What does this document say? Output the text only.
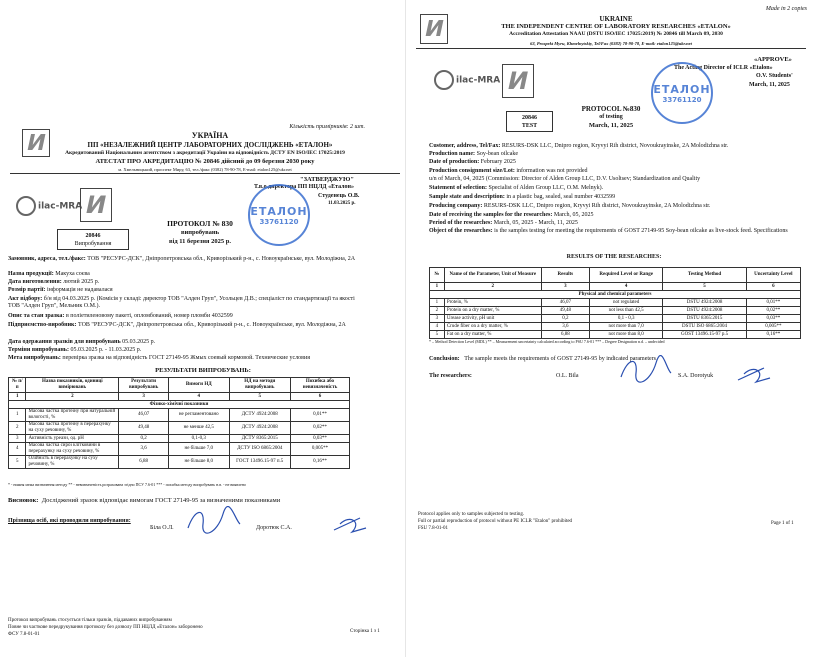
Кількість примірників: 2 шт.
И	УКРАЇНА
ПП «НЕЗАЛЕЖНИЙ ЦЕНТР ЛАБОРАТОРНИХ ДОСЛІДЖЕНЬ «ЕТАЛОН»
Акредитований Національним агентством з акредитації України на відповідність ДСТУ EN ISO/IEC 17025:2019
АТЕСТАТ ПРО АКРЕДИТАЦІЮ № 20846 дійсний до 09 березня 2030 року
м. Хмельницький, проспект Миру, 63, тел./факс (0382) 78-90-78, E-mail: etalon125@ukr.net
"ЗАТВЕРДЖУЮ"
Т.в.о.директора ПП НЦЛД «Еталон»
Студенець О.В.
11.03.2025 р.
ЕТАЛОН
33761120
ilac-MRA И
20846
Випробування
ПРОТОКОЛ № 830
випробувань
від 11 березня 2025 р.
Замовник, адреса, тел./факс: ТОВ "РЕСУРС-ДСК", Дніпропетровська обл., Криворізький р-н., с. Новоукраїнське, вул. Молодіжна, 2А
Назва продукції: Макуха соєва
Дата виготовлення: лютий 2025 р.
Розмір партії: інформація не надавалася
Акт відбору: б/н від 04.03.2025 р. (Комісія у складі: директор ТОВ "Алден Груп", Усольцев Д.В.; спеціаліст по стандартизації та якості ТОВ "Алден Груп", Мельник О.М.).
Опис та стан зразка: в поліетиленовому пакеті, опломбований, номер пломби 4032599
Підприємство-виробник: ТОВ "РЕСУРС-ДСК", Дніпропетровська обл., Криворізький р-н., с. Новоукраїнське, вул. Молодіжна, 2А
Дата одержання зразків для випробувань 05.03.2025 р.
Терміни випробувань: 05.03.2025 р. - 11.03.2025 р.
Мета випробувань: перевірка зразка на відповідність ГОСТ 27149-95 Жмых соевый кормовой. Технические условия
РЕЗУЛЬТАТИ ВИПРОБУВАНЬ:
№ п/п	Назва показників, одиниці вимірювань	Результати випробувань	Вимоги НД	НД на методи випробувань	Похибка або невизначеність
1	2	3	4	5	6
Фізико-хімічні показники					
1	Масова частка протеїну при натуральній вологості, %	46,07	не регламентовано	ДСТУ 4924:2008	0,01**
2	Масова частка протеїну в перерахунку на суху речовину, %	49,48	не менше 42,5	ДСТУ 4924:2008	0,02**
3	Активність уреази, од. рН	0,2	0,1-0,3	ДСТУ 8365:2015	0,03**
4	Масова частка сирої клітковини в перерахунку на суху речовину, %	3,6	не більше 7,0	ДСТУ ISO 6865:2004	0,005**
5	Олійність в перерахунку на суху речовину, %	6,88	не більше 8,0	ГОСТ 13496.15-97 п.5	0,16**
* - нижня межа визначення методу ** - невизначеність розрахована згідно ПСУ 7.6-01 *** - похибка методу випробувань н.в. - не виявлено
Висновок: Досліджений зразок відповідає вимогам ГОСТ 27149-95 за визначеними показниками
Прізвища осіб, які проводили випробування:
Біла О.Л.	Доротюк С.А.
Протокол випробувань стосується тільки зразків, піддаваних випробуванням
Повне чи часткове передрукування протоколу без дозволу ПП НЦЛД «Еталон» заборонено
ФСУ 7.8-01-01
Сторінка 1 з 1
Made in 2 copies
И	UKRAINE
THE INDEPENDENT CENTRE OF LABORATORY RESEARCHES «ETALON»
Accreditation Attestation NAAU (DSTU ISO/IEC 17025:2019) № 20846 till March 09, 2030
63, Prospekt Myru, Khmelnytskiy, Tel/Fax (0382) 78-90-78, E-mail: etalon125@ukr.net
«APPROVE»
The Acting Director of ICLR «Etalon»
O.V. Students'
March, 11, 2025
ЕТАЛОН
33761120
ilac-MRA И
20846
TEST
PROTOCOL №830
of testing
March, 11, 2025
Customer, address, Tel/Fax: RESURS-DSK LLC, Dnipro region, Kryvyi Rih district, Novoukrayinske, 2A Molodizhna str.
Production name: Soy-bean oilcake
Date of production: February 2025
Production consignment size/Lot: information was not provided
u/n of March, 04, 2025 (Commission: Director of Alden Group LLC, D.V. Usoltsev; Standardization and Quality
Statement of selection: Specialist of Alden Group LLC, O.M. Melnyk).
Sample state and description: in a plastic bag, sealed, seal number 4032599
Producing company: RESURS-DSK LLC, Dnipro region, Kryvyi Rih district, Novoukrayinske, 2A Molodizhna str.
Date of receiving the samples for the researches: March, 05, 2025
Period of the researches: March, 05, 2025 - March, 11, 2025
Object of the researches: is the samples testing for meeting the requirements of GOST 27149-95 Soy-bean oilcake as live-stock feed. Specifications
RESULTS OF THE RESEARCHES:
№	Name of the Parameter, Unit of Measure	Results	Required Level or Range	Testing Method	Uncertainty Level
1	2	3	4	5	6
Physical and chemical parameters					
1	Protein, %	46,07	not regulated	DSTU 4924:2008	0,01**
2	Protein on a dry matter, %	49,48	not less than 42,5	DSTU 4924:2008	0,02**
3	Urease activity, pH unit	0,2	0,1 - 0,3	DSTU 8365:2015	0,03**
4	Crude fiber on a dry matter, %	3,6	not more than 7,0	DSTU ISO 6865:2004	0,005**
5	Fat on a dry matter, %	6,88	not more than 8,0	GOST 13496.15-97 p.5	0,16**
* – Method Detection Level (MDL) ** – Measurement uncertainty calculated according to PSU 7.6-01 *** – Degree Designation n.d. – undecided
Conclusion: The sample meets the requirements of GOST 27149-95 by indicated parameters.
The researchers:	O.L. Bila	S.A. Dorotyuk
Protocol applies only to samples subjected to testing.
Full or partial reproduction of protocol without PE ICLR "Etalon" prohibited
FSU 7.8-01-01
Page 1 of 1
